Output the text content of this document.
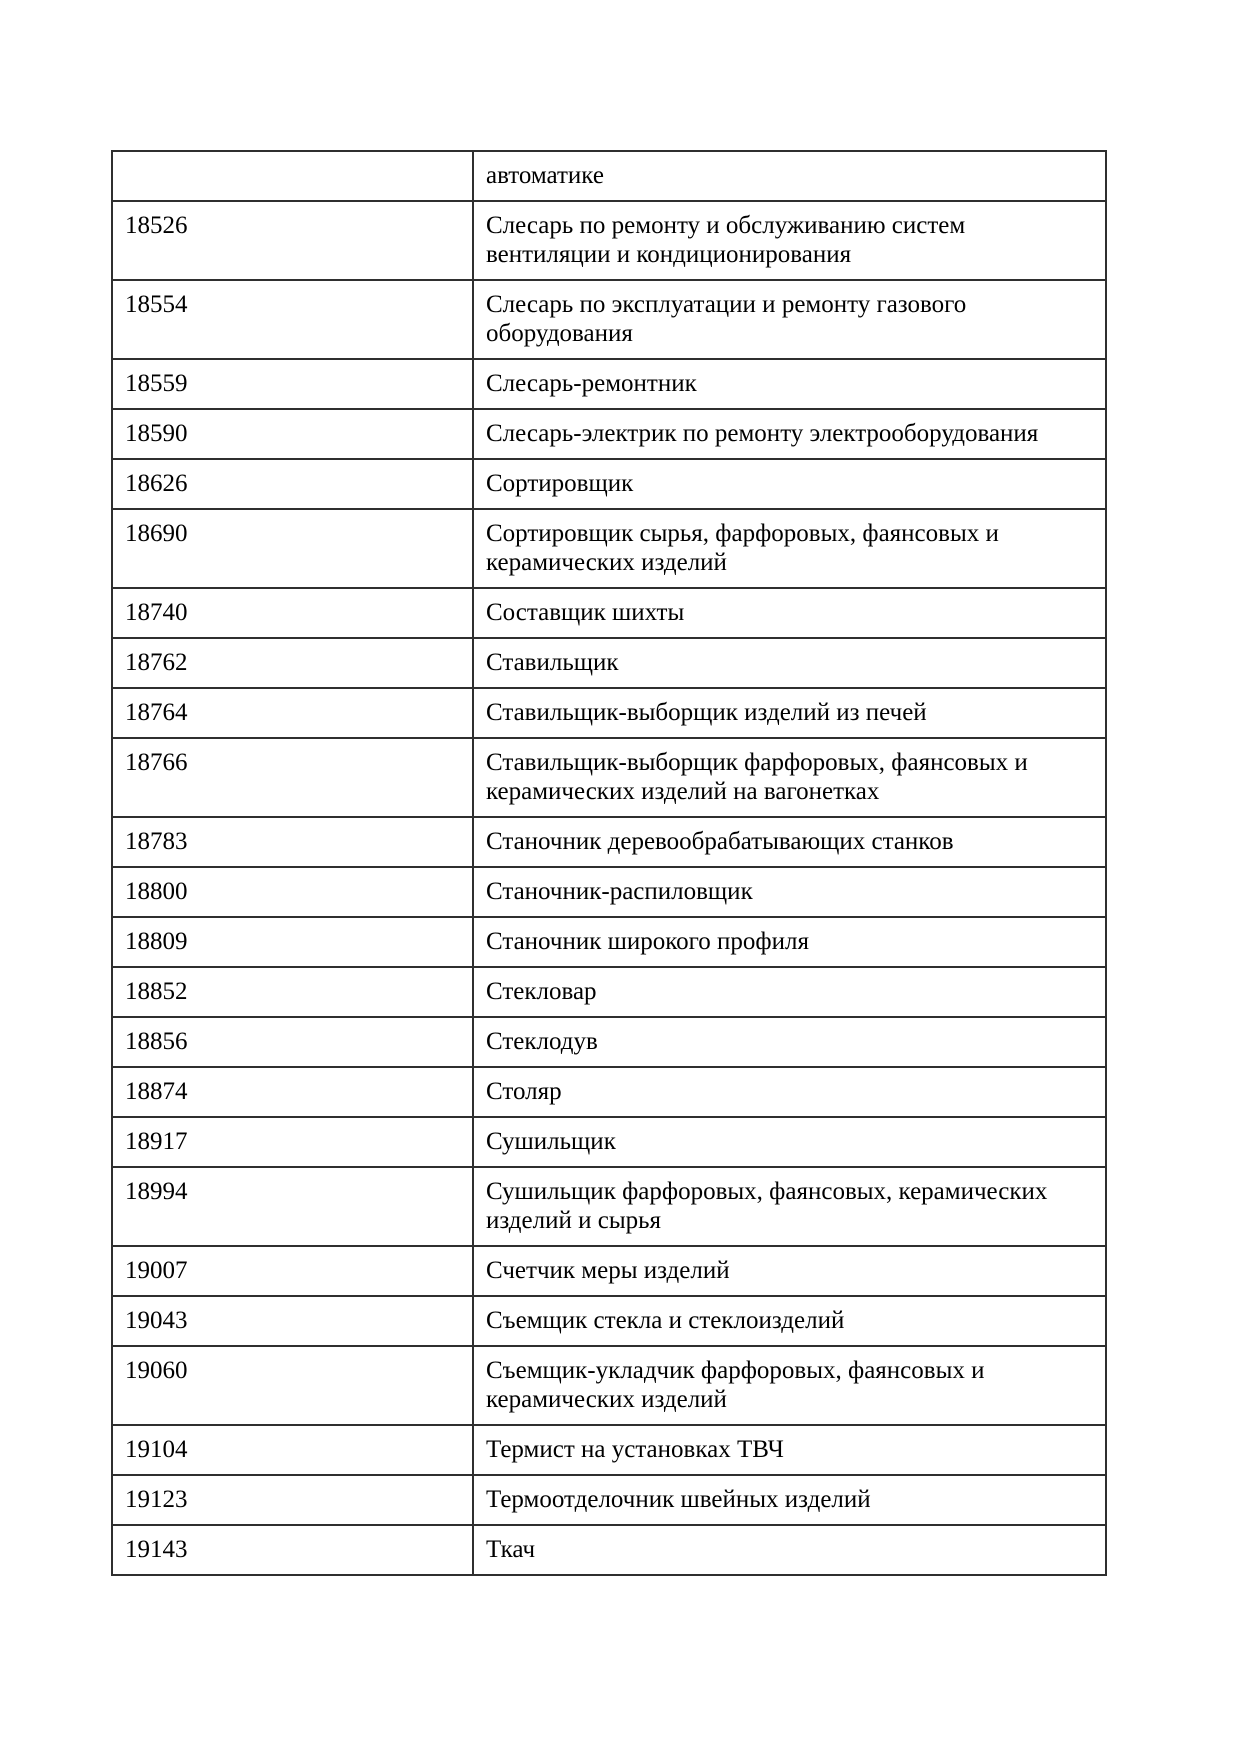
	автоматике
18526	Слесарь по ремонту и обслуживанию систем вентиляции и кондиционирования
18554	Слесарь по эксплуатации и ремонту газового оборудования
18559	Слесарь-ремонтник
18590	Слесарь-электрик по ремонту электрооборудования
18626	Сортировщик
18690	Сортировщик сырья, фарфоровых, фаянсовых и керамических изделий
18740	Составщик шихты
18762	Ставильщик
18764	Ставильщик-выборщик изделий из печей
18766	Ставильщик-выборщик фарфоровых, фаянсовых и керамических изделий на вагонетках
18783	Станочник деревообрабатывающих станков
18800	Станочник-распиловщик
18809	Станочник широкого профиля
18852	Стекловар
18856	Стеклодув
18874	Столяр
18917	Сушильщик
18994	Сушильщик фарфоровых, фаянсовых, керамических изделий и сырья
19007	Счетчик меры изделий
19043	Съемщик стекла и стеклоизделий
19060	Съемщик-укладчик фарфоровых, фаянсовых и керамических изделий
19104	Термист на установках ТВЧ
19123	Термоотделочник швейных изделий
19143	Ткач
